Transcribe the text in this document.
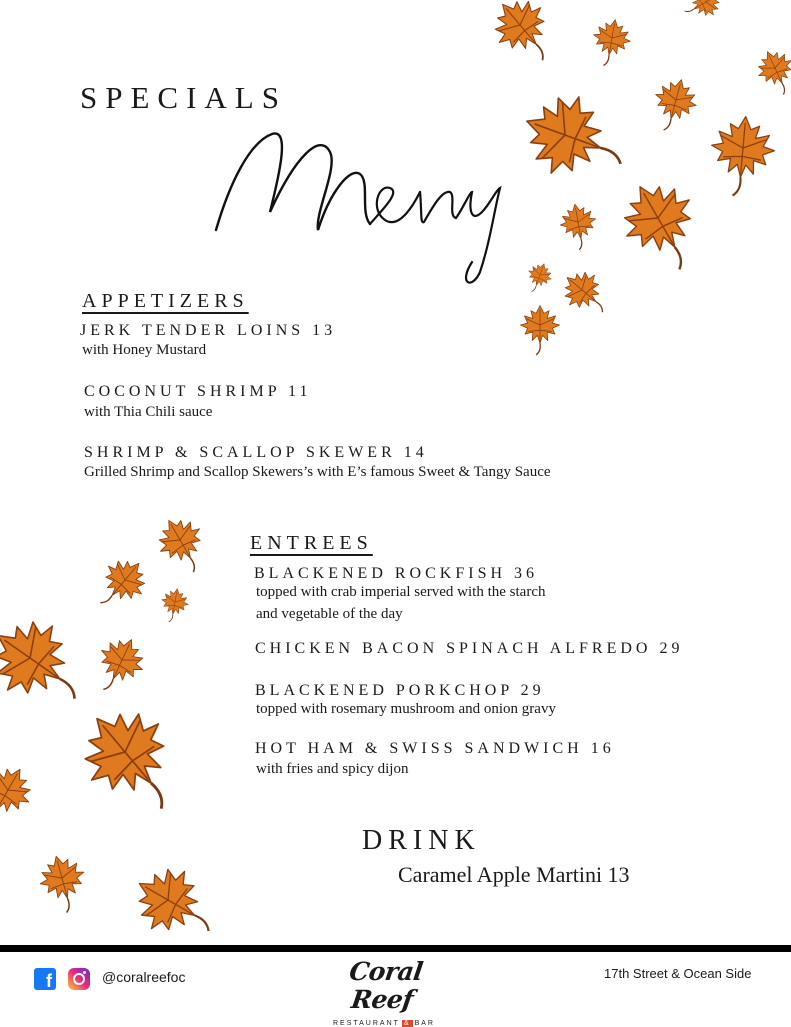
SPECIALS
APPETIZERS
JERK TENDER LOINS 13
with Honey Mustard
COCONUT SHRIMP 11
with Thia Chili sauce
SHRIMP & SCALLOP SKEWER 14
Grilled Shrimp and Scallop Skewers’s with E’s famous Sweet & Tangy Sauce
ENTREES
BLACKENED ROCKFISH 36
topped with crab imperial served with the starch
and vegetable of the day
CHICKEN BACON SPINACH ALFREDO 29
BLACKENED PORKCHOP 29
topped with rosemary mushroom and onion gravy
HOT HAM & SWISS SANDWICH 16
with fries and spicy dijon
DRINK
Caramel Apple Martini 13
f	@coralreefoc	Coral Reef
RESTAURANT & BAR
17th Street & Ocean Side
